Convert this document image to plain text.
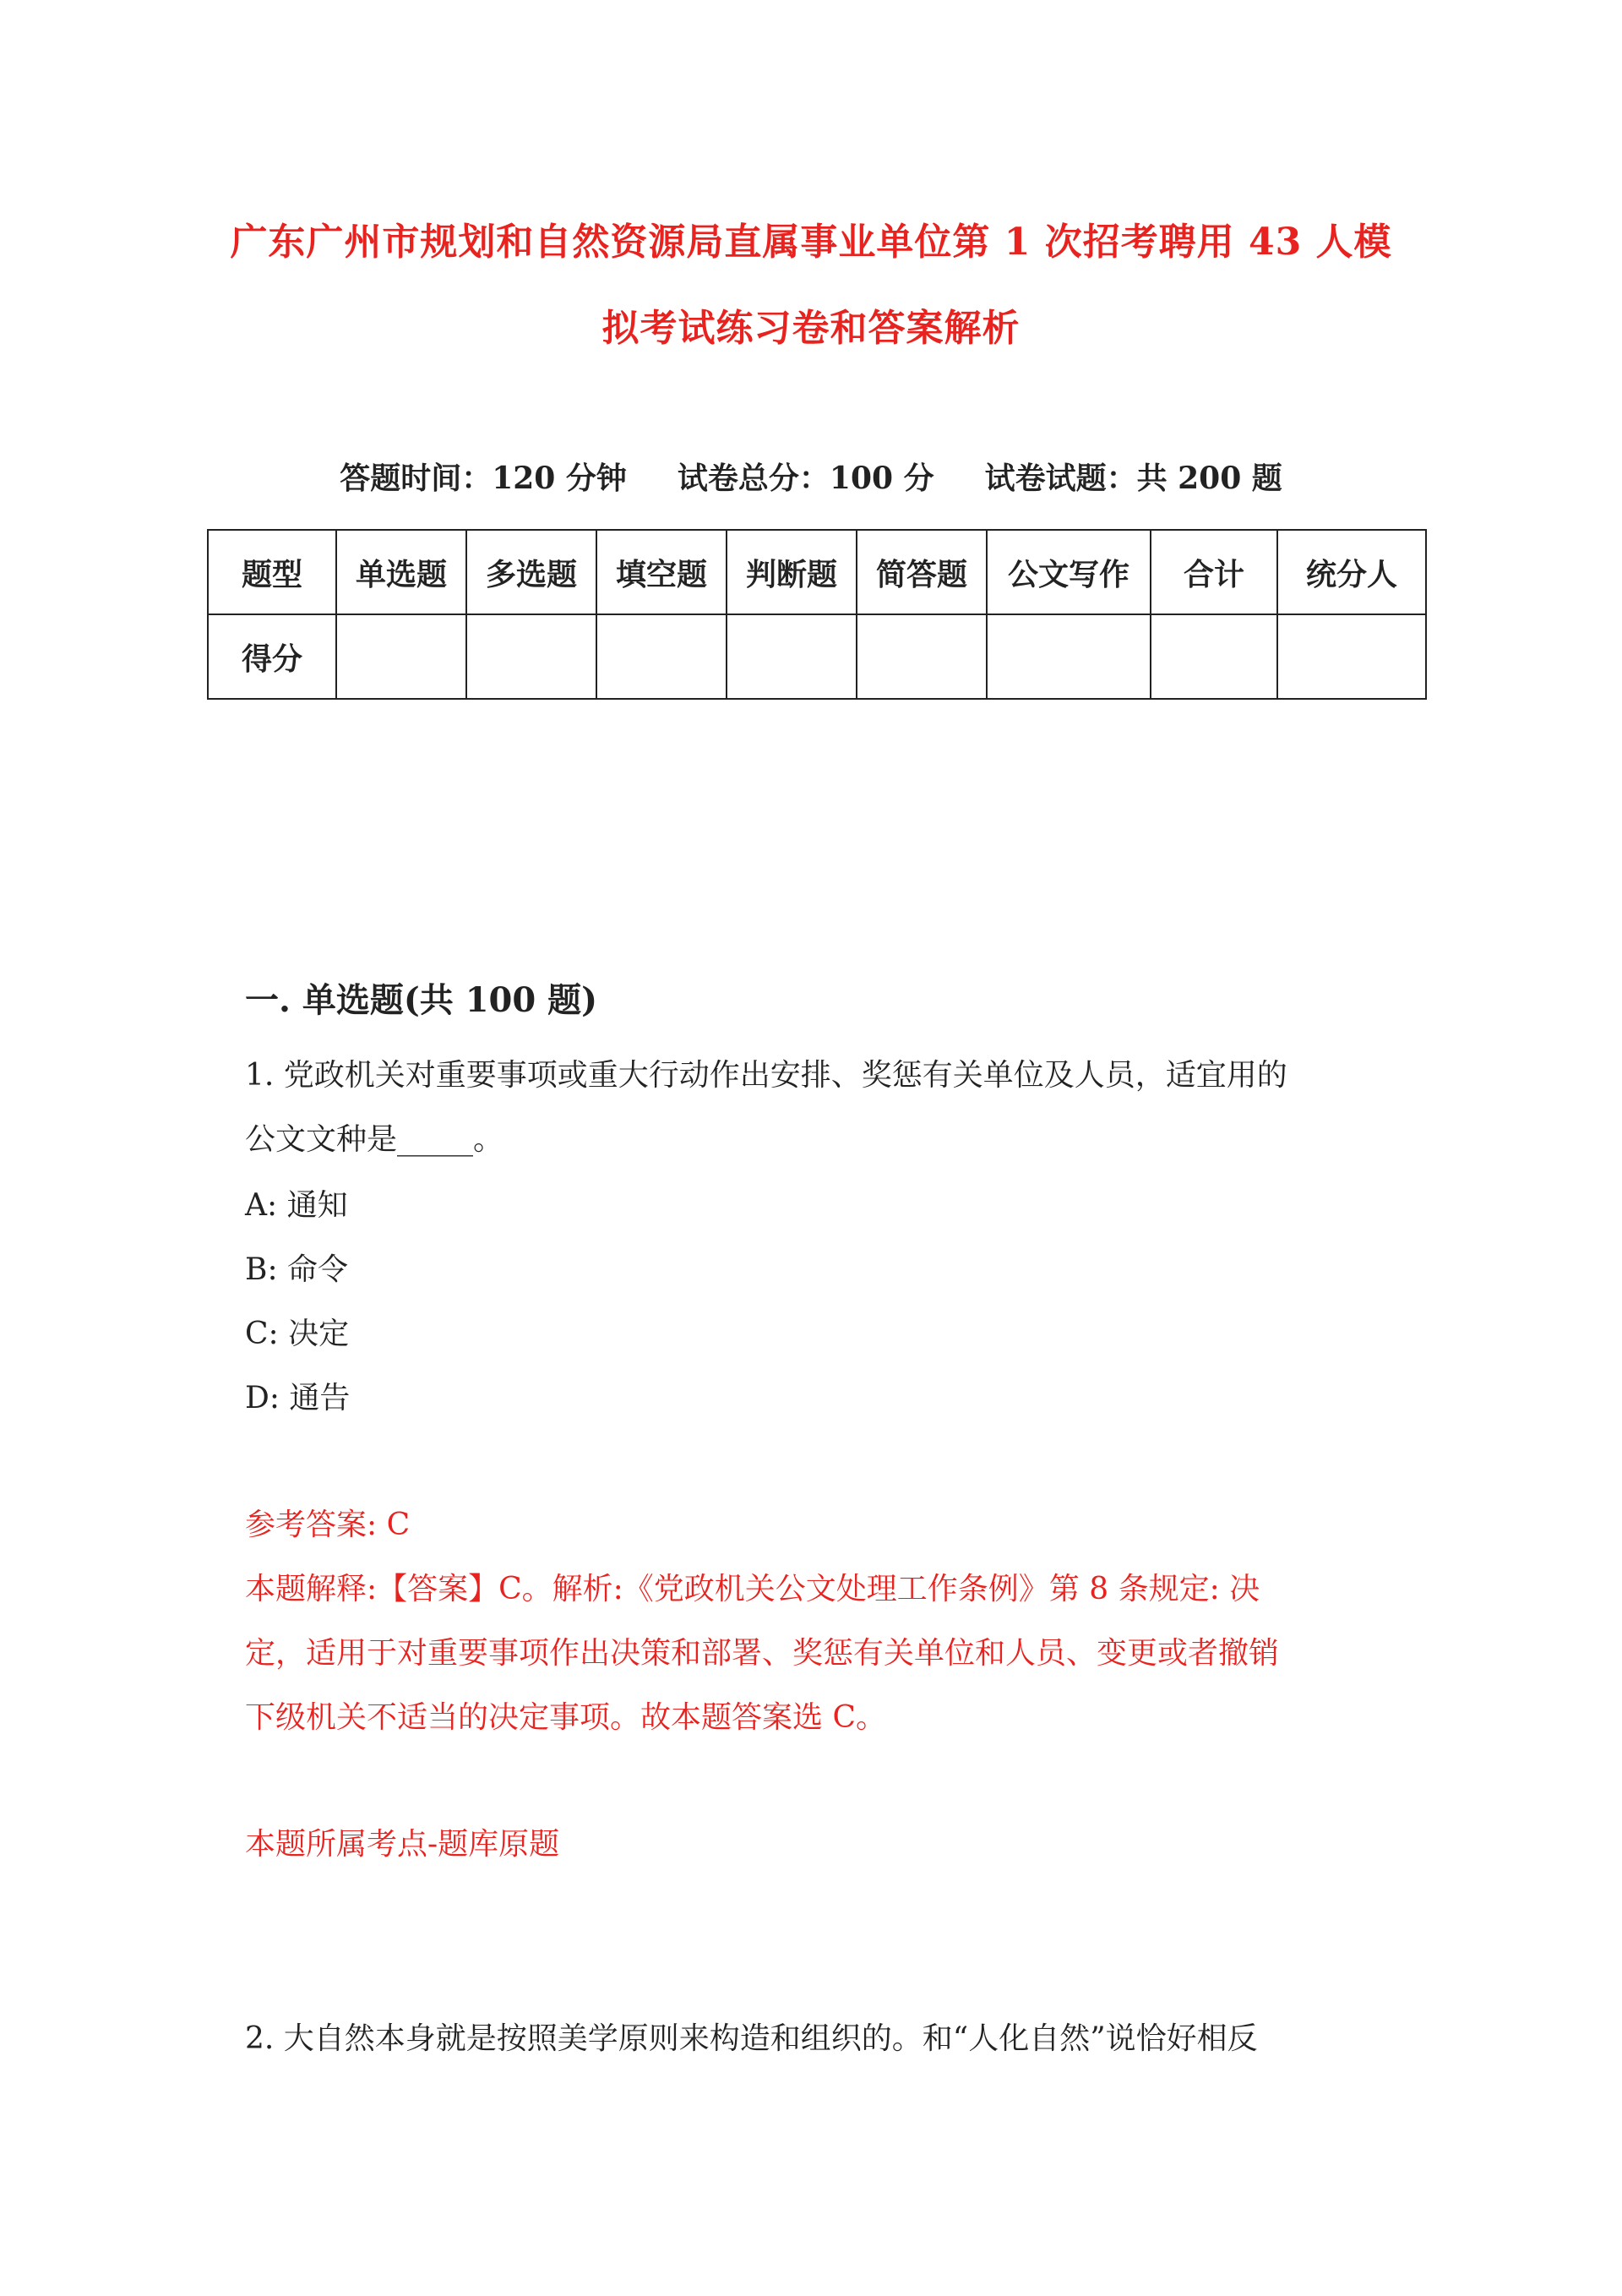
广东广州市规划和自然资源局直属事业单位第 1 次招考聘用 43 人模
拟考试练习卷和答案解析
答题时间：120 分钟 试卷总分：100 分 试卷试题：共 200 题
题型	单选题	多选题	填空题	判断题	简答题	公文写作	合计	统分人
得分								
一. 单选题(共 100 题)
1. 党政机关对重要事项或重大行动作出安排、奖惩有关单位及人员，适宜用的
公文文种是_____。
A: 通知
B: 命令
C: 决定
D: 通告
参考答案: C
本题解释:【答案】C。解析:《党政机关公文处理工作条例》第 8 条规定: 决
定，适用于对重要事项作出决策和部署、奖惩有关单位和人员、变更或者撤销
下级机关不适当的决定事项。故本题答案选 C。
本题所属考点-题库原题
2. 大自然本身就是按照美学原则来构造和组织的。和“人化自然”说恰好相反
